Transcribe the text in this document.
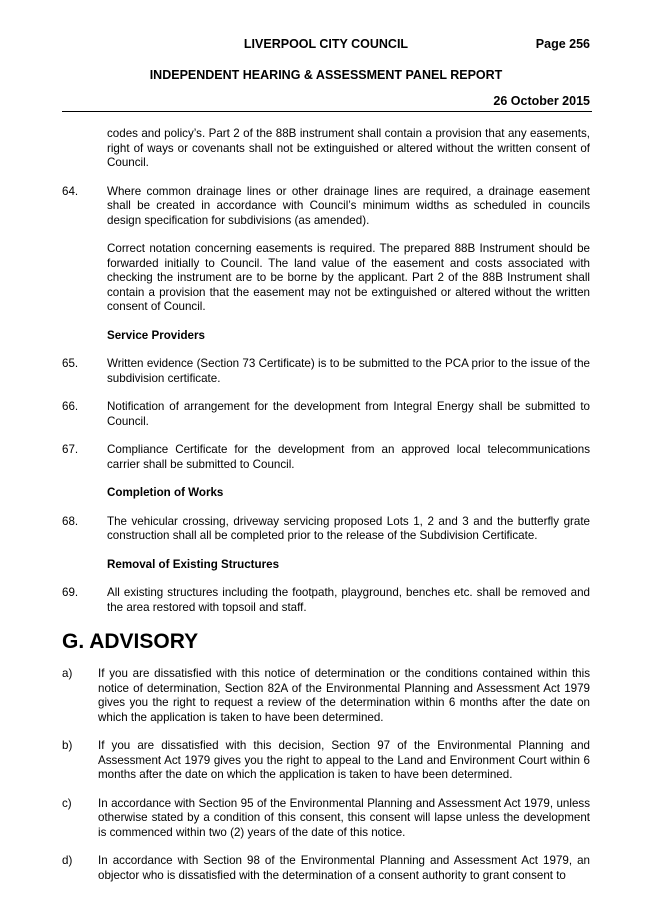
LIVERPOOL CITY COUNCIL	Page 256
INDEPENDENT HEARING & ASSESSMENT PANEL REPORT
26 October 2015

codes and policy’s. Part 2 of the 88B instrument shall contain a provision that any easements, right of ways or covenants shall not be extinguished or altered without the written consent of Council.

64. Where common drainage lines or other drainage lines are required, a drainage easement shall be created in accordance with Council’s minimum widths as scheduled in councils design specification for subdivisions (as amended).

Correct notation concerning easements is required. The prepared 88B Instrument should be forwarded initially to Council. The land value of the easement and costs associated with checking the instrument are to be borne by the applicant. Part 2 of the 88B Instrument shall contain a provision that the easement may not be extinguished or altered without the written consent of Council.

Service Providers

65. Written evidence (Section 73 Certificate) is to be submitted to the PCA prior to the issue of the subdivision certificate.

66. Notification of arrangement for the development from Integral Energy shall be submitted to Council.

67. Compliance Certificate for the development from an approved local telecommunications carrier shall be submitted to Council.

Completion of Works

68. The vehicular crossing, driveway servicing proposed Lots 1, 2 and 3 and the butterfly grate construction shall all be completed prior to the release of the Subdivision Certificate.

Removal of Existing Structures

69. All existing structures including the footpath, playground, benches etc. shall be removed and the area restored with topsoil and staff.

G. ADVISORY
a) If you are dissatisfied with this notice of determination or the conditions contained within this notice of determination, Section 82A of the Environmental Planning and Assessment Act 1979 gives you the right to request a review of the determination within 6 months after the date on which the application is taken to have been determined.

b) If you are dissatisfied with this decision, Section 97 of the Environmental Planning and Assessment Act 1979 gives you the right to appeal to the Land and Environment Court within 6 months after the date on which the application is taken to have been determined.

c) In accordance with Section 95 of the Environmental Planning and Assessment Act 1979, unless otherwise stated by a condition of this consent, this consent will lapse unless the development is commenced within two (2) years of the date of this notice.

d) In accordance with Section 98 of the Environmental Planning and Assessment Act 1979, an objector who is dissatisfied with the determination of a consent authority to grant consent to
